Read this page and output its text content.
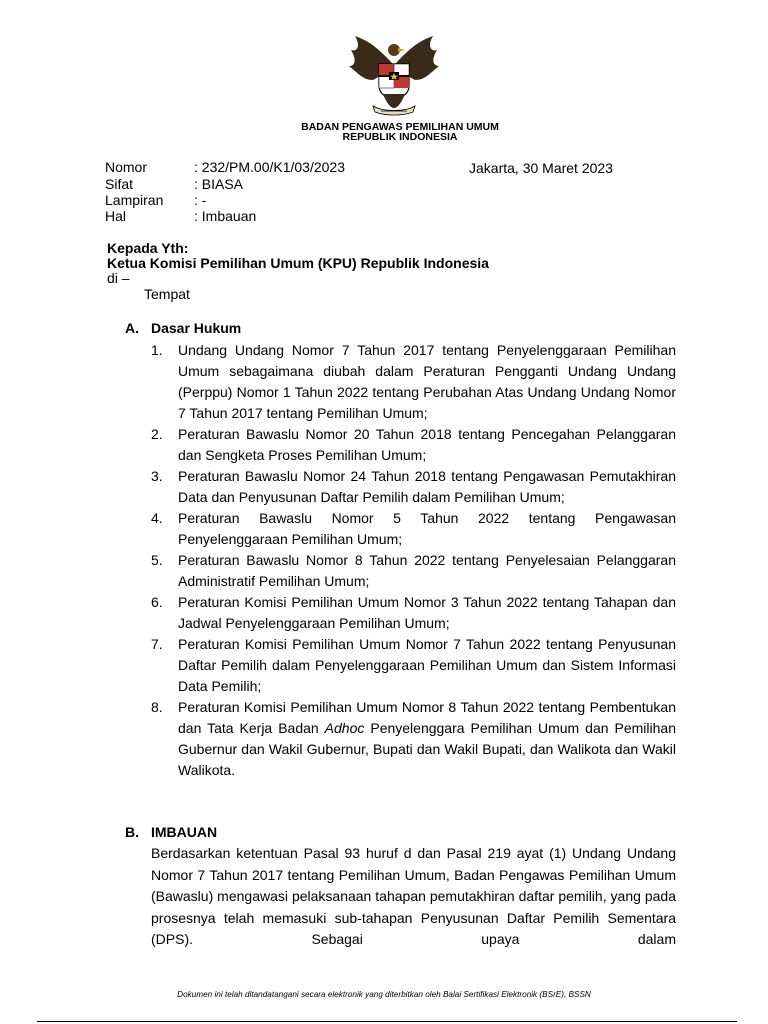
BADAN PENGAWAS PEMILIHAN UMUM
REPUBLIK INDONESIA
Nomor	: 232/PM.00/K1/03/2023	Jakarta, 30 Maret 2023
Sifat	: BIASA
Lampiran : -
Hal	: Imbauan
Kepada Yth:
Ketua Komisi Pemilihan Umum (KPU) Republik Indonesia
di –
Tempat
A. Dasar Hukum
1. Undang Undang Nomor 7 Tahun 2017 tentang Penyelenggaraan Pemilihan Umum sebagaimana diubah dalam Peraturan Pengganti Undang Undang (Perppu) Nomor 1 Tahun 2022 tentang Perubahan Atas Undang Undang Nomor 7 Tahun 2017 tentang Pemilihan Umum;
2. Peraturan Bawaslu Nomor 20 Tahun 2018 tentang Pencegahan Pelanggaran dan Sengketa Proses Pemilihan Umum;
3. Peraturan Bawaslu Nomor 24 Tahun 2018 tentang Pengawasan Pemutakhiran Data dan Penyusunan Daftar Pemilih dalam Pemilihan Umum;
4. Peraturan Bawaslu Nomor 5 Tahun 2022 tentang Pengawasan Penyelenggaraan Pemilihan Umum;
5. Peraturan Bawaslu Nomor 8 Tahun 2022 tentang Penyelesaian Pelanggaran Administratif Pemilihan Umum;
6. Peraturan Komisi Pemilihan Umum Nomor 3 Tahun 2022 tentang Tahapan dan Jadwal Penyelenggaraan Pemilihan Umum;
7. Peraturan Komisi Pemilihan Umum Nomor 7 Tahun 2022 tentang Penyusunan Daftar Pemilih dalam Penyelenggaraan Pemilihan Umum dan Sistem Informasi Data Pemilih;
8. Peraturan Komisi Pemilihan Umum Nomor 8 Tahun 2022 tentang Pembentukan dan Tata Kerja Badan Adhoc Penyelenggara Pemilihan Umum dan Pemilihan Gubernur dan Wakil Gubernur, Bupati dan Wakil Bupati, dan Walikota dan Wakil Walikota.
B. IMBAUAN
Berdasarkan ketentuan Pasal 93 huruf d dan Pasal 219 ayat (1) Undang Undang Nomor 7 Tahun 2017 tentang Pemilihan Umum, Badan Pengawas Pemilihan Umum (Bawaslu) mengawasi pelaksanaan tahapan pemutakhiran daftar pemilih, yang pada prosesnya telah memasuki sub-tahapan Penyusunan Daftar Pemilih Sementara (DPS). Sebagai upaya dalam
Dokumen ini telah ditandatangani secara elektronik yang diterbitkan oleh Balai Sertifikasi Elektronik (BSrE), BSSN
